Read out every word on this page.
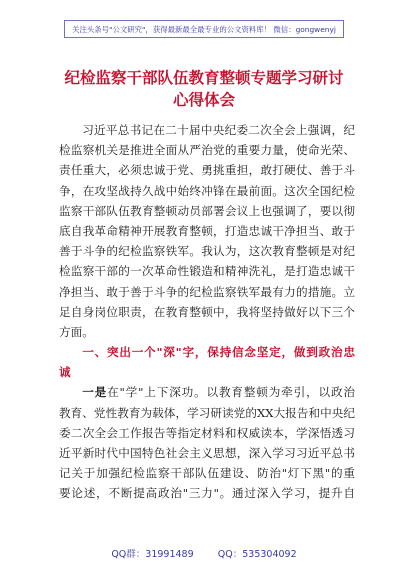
关注头条号"公文研究"，获得最新最全最专业的公文资料库！ 微信：gongwenyj
纪检监察干部队伍教育整顿专题学习研讨
心得体会
习近平总书记在二十届中央纪委二次全会上强调，纪
检监察机关是推进全面从严治党的重要力量，使命光荣、
责任重大，必须忠诚于党、勇挑重担，敢打硬仗、善于斗
争，在攻坚战持久战中始终冲锋在最前面。这次全国纪检
监察干部队伍教育整顿动员部署会议上也强调了，要以彻
底自我革命精神开展教育整顿，打造忠诚干净担当、敢于
善于斗争的纪检监察铁军。我认为，这次教育整顿是对纪
检监察干部的一次革命性锻造和精神洗礼，是打造忠诚干
净担当、敢于善于斗争的纪检监察铁军最有力的措施。立
足自身岗位职责，在教育整顿中，我将坚持做好以下三个
方面。
一、突出一个"深"字，保持信念坚定，做到政治忠
诚
一是在"学"上下深功。以教育整顿为牵引，以政治
教育、党性教育为载体，学习研读党的XX大报告和中央纪
委二次全会工作报告等指定材料和权威读本，学深悟透习
近平新时代中国特色社会主义思想，深入学习习近平总书
记关于加强纪检监察干部队伍建设、防治"灯下黑"的重
要论述，不断提高政治"三力"。通过深入学习，提升自
QQ群：31991489        QQ：535304092
